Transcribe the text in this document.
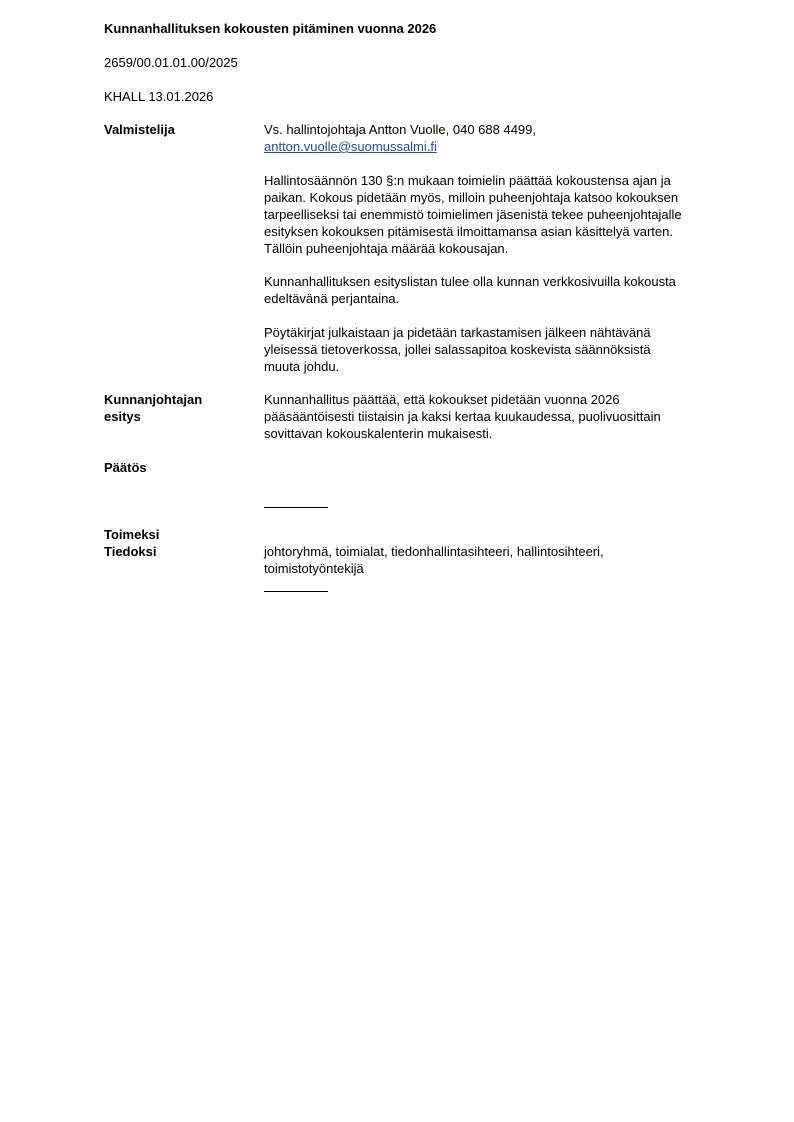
Kunnanhallituksen kokousten pitäminen vuonna 2026
2659/00.01.01.00/2025
KHALL 13.01.2026
Valmistelija	Vs. hallintojohtaja Antton Vuolle, 040 688 4499,
antton.vuolle@suomussalmi.fi
Hallintosäännön 130 §:n mukaan toimielin päättää kokoustensa ajan ja
paikan. Kokous pidetään myös, milloin puheenjohtaja katsoo kokouksen
tarpeelliseksi tai enemmistö toimielimen jäsenistä tekee puheenjohtajalle
esityksen kokouksen pitämisestä ilmoittamansa asian käsittelyä varten.
Tällöin puheenjohtaja määrää kokousajan.
Kunnanhallituksen esityslistan tulee olla kunnan verkkosivuilla kokousta
edeltävänä perjantaina.
Pöytäkirjat julkaistaan ja pidetään tarkastamisen jälkeen nähtävänä
yleisessä tietoverkossa, jollei salassapitoa koskevista säännöksistä
muuta johdu.
Kunnanjohtajan
esitys
Kunnanhallitus päättää, että kokoukset pidetään vuonna 2026
pääsääntöisesti tiistaisin ja kaksi kertaa kuukaudessa, puolivuosittain
sovittavan kokouskalenterin mukaisesti.
Päätös
Toimeksi
Tiedoksi	johtoryhmä, toimialat, tiedonhallintasihteeri, hallintosihteeri,
toimistotyöntekijä
